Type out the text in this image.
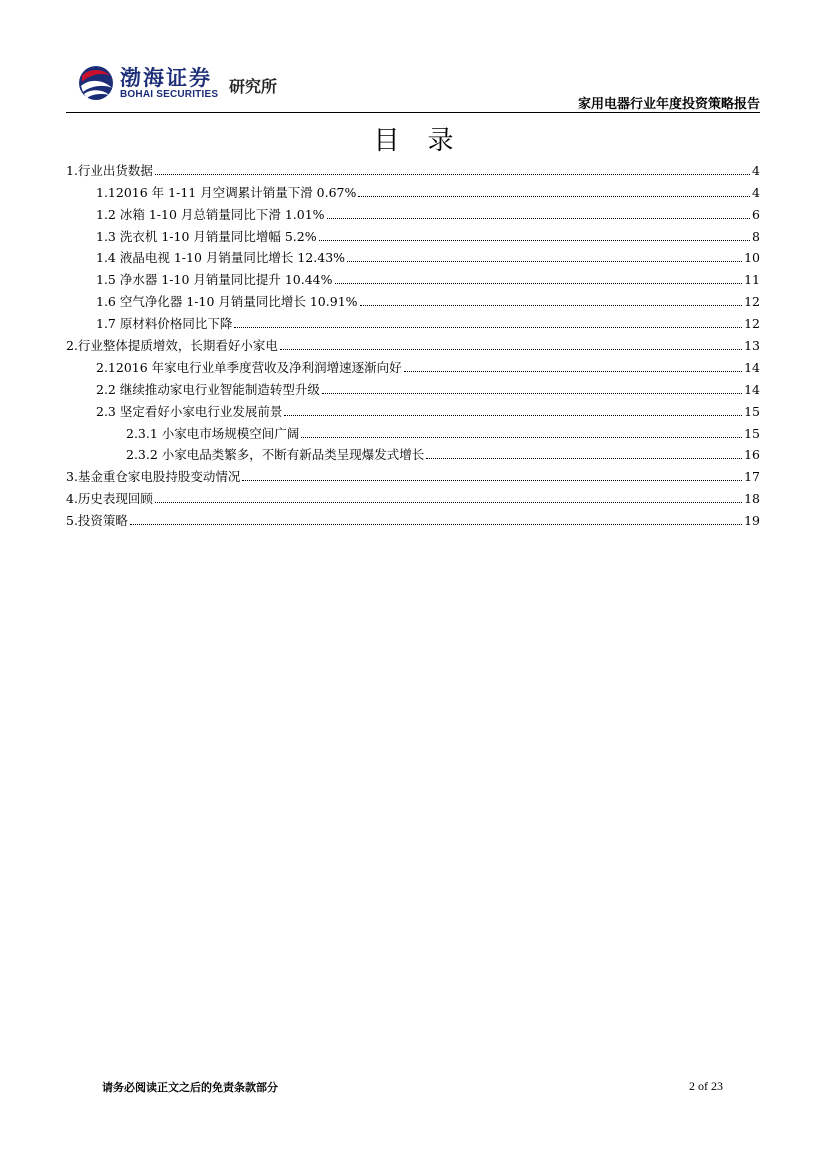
渤海证券
BOHAI SECURITIES 研究所
家用电器行业年度投资策略报告
目录
1.行业出货数据	4
1.12016 年 1-11 月空调累计销量下滑 0.67%	4
1.2 冰箱 1-10 月总销量同比下滑 1.01%	6
1.3 洗衣机 1-10 月销量同比增幅 5.2%	8
1.4 液晶电视 1-10 月销量同比增长 12.43%	10
1.5 净水器 1-10 月销量同比提升 10.44%	11
1.6 空气净化器 1-10 月销量同比增长 10.91%	12
1.7 原材料价格同比下降	12
2.行业整体提质增效，长期看好小家电	13
2.12016 年家电行业单季度营收及净利润增速逐渐向好	14
2.2 继续推动家电行业智能制造转型升级	14
2.3 坚定看好小家电行业发展前景	15
2.3.1 小家电市场规模空间广阔	15
2.3.2 小家电品类繁多，不断有新品类呈现爆发式增长	16
3.基金重仓家电股持股变动情况	17
4.历史表现回顾	18
5.投资策略	19
请务必阅读正文之后的免责条款部分	2 of 23
